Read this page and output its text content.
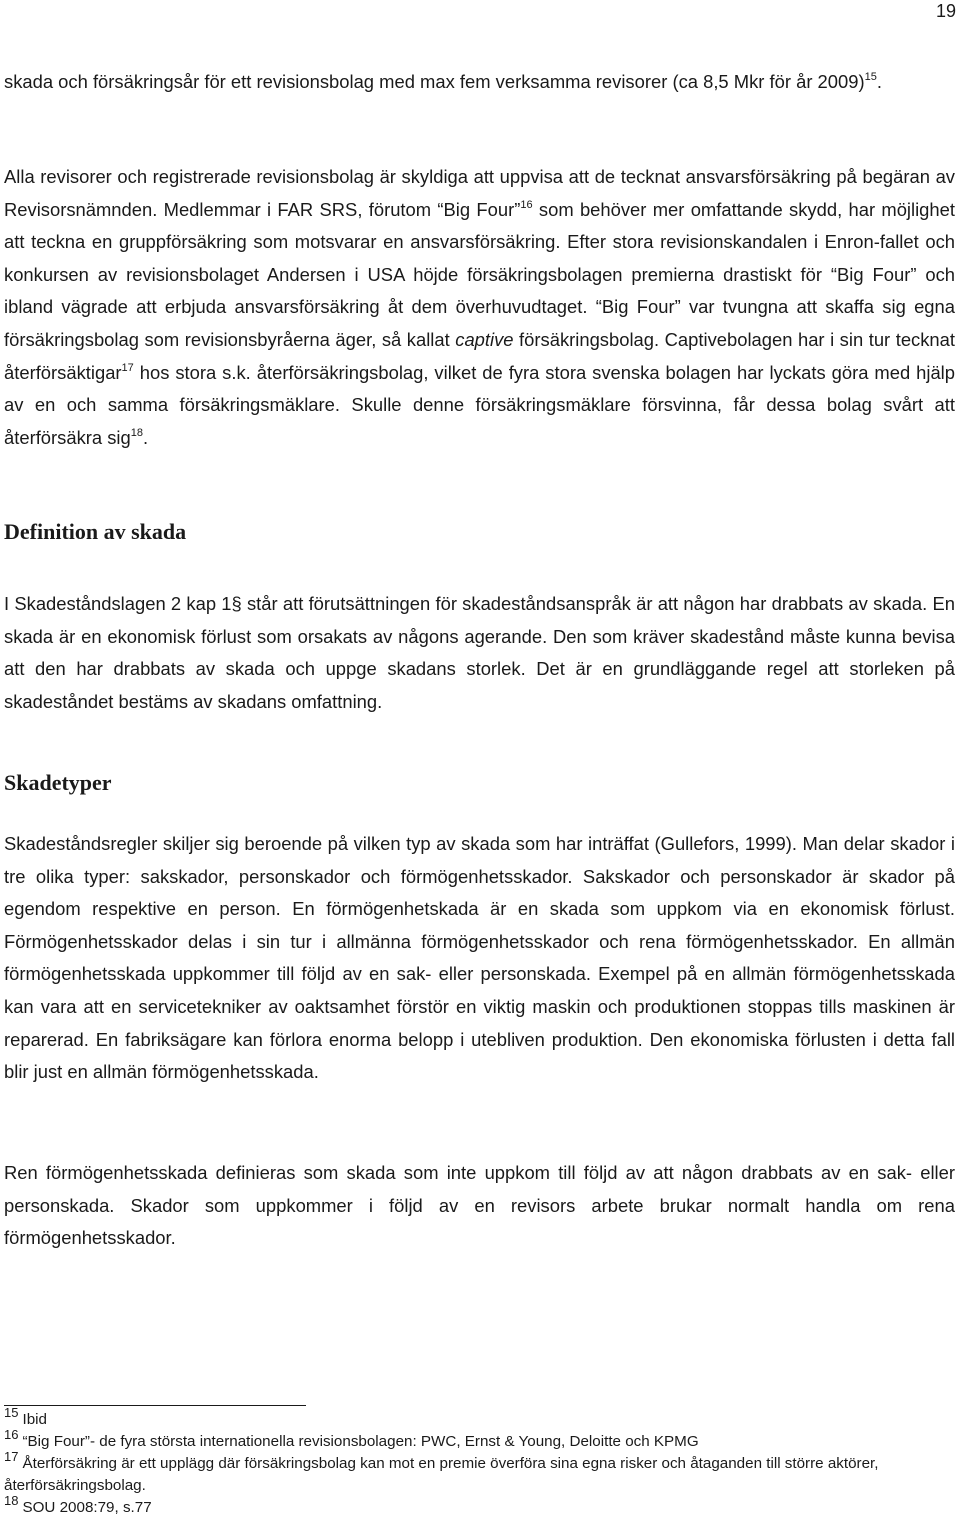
19

skada och försäkringsår för ett revisionsbolag med max fem verksamma revisorer (ca 8,5 Mkr för år 2009)$^{15}$.

Alla revisorer och registrerade revisionsbolag är skyldiga att uppvisa att de tecknat ansvarsförsäkring på begäran av Revisorsnämnden. Medlemmar i FAR SRS, förutom “Big Four”$^{16}$ som behöver mer omfattande skydd, har möjlighet att teckna en gruppförsäkring som motsvarar en ansvarsförsäkring. Efter stora revisionskandalen i Enron-fallet och konkursen av revisionsbolaget Andersen i USA höjde försäkringsbolagen premierna drastiskt för “Big Four” och ibland vägrade att erbjuda ansvarsförsäkring åt dem överhuvudtaget. “Big Four” var tvungna att skaffa sig egna försäkringsbolag som revisionsbyråerna äger, så kallat captive försäkringsbolag. Captivebolagen har i sin tur tecknat återförsäktigar$^{17}$ hos stora s.k. återförsäkringsbolag, vilket de fyra stora svenska bolagen har lyckats göra med hjälp av en och samma försäkringsmäklare. Skulle denne försäkringsmäklare försvinna, får dessa bolag svårt att återförsäkra sig$^{18}$.

Definition av skada

I Skadeståndslagen 2 kap 1§ står att förutsättningen för skadeståndsanspråk är att någon har drabbats av skada. En skada är en ekonomisk förlust som orsakats av någons agerande. Den som kräver skadestånd måste kunna bevisa att den har drabbats av skada och uppge skadans storlek. Det är en grundläggande regel att storleken på skadeståndet bestäms av skadans omfattning.

Skadetyper

Skadeståndsregler skiljer sig beroende på vilken typ av skada som har inträffat (Gullefors, 1999). Man delar skador i tre olika typer: sakskador, personskador och förmögenhetsskador. Sakskador och personskador är skador på egendom respektive en person. En förmögenhetskada är en skada som uppkom via en ekonomisk förlust. Förmögenhetsskador delas i sin tur i allmänna förmögenhetsskador och rena förmögenhetsskador. En allmän förmögenhetsskada uppkommer till följd av en sak- eller personskada. Exempel på en allmän förmögenhetsskada kan vara att en servicetekniker av oaktsamhet förstör en viktig maskin och produktionen stoppas tills maskinen är reparerad. En fabriksägare kan förlora enorma belopp i utebliven produktion. Den ekonomiska förlusten i detta fall blir just en allmän förmögenhetsskada.

Ren förmögenhetsskada definieras som skada som inte uppkom till följd av att någon drabbats av en sak- eller personskada. Skador som uppkommer i följd av en revisors arbete brukar normalt handla om rena förmögenhetsskador.

15 Ibid

16 “Big Four”- de fyra största internationella revisionsbolagen: PWC, Ernst & Young, Deloitte och KPMG

17 Återförsäkring är ett upplägg där försäkringsbolag kan mot en premie överföra sina egna risker och åtaganden till större aktörer, återförsäkringsbolag.

18 SOU 2008:79, s.77
